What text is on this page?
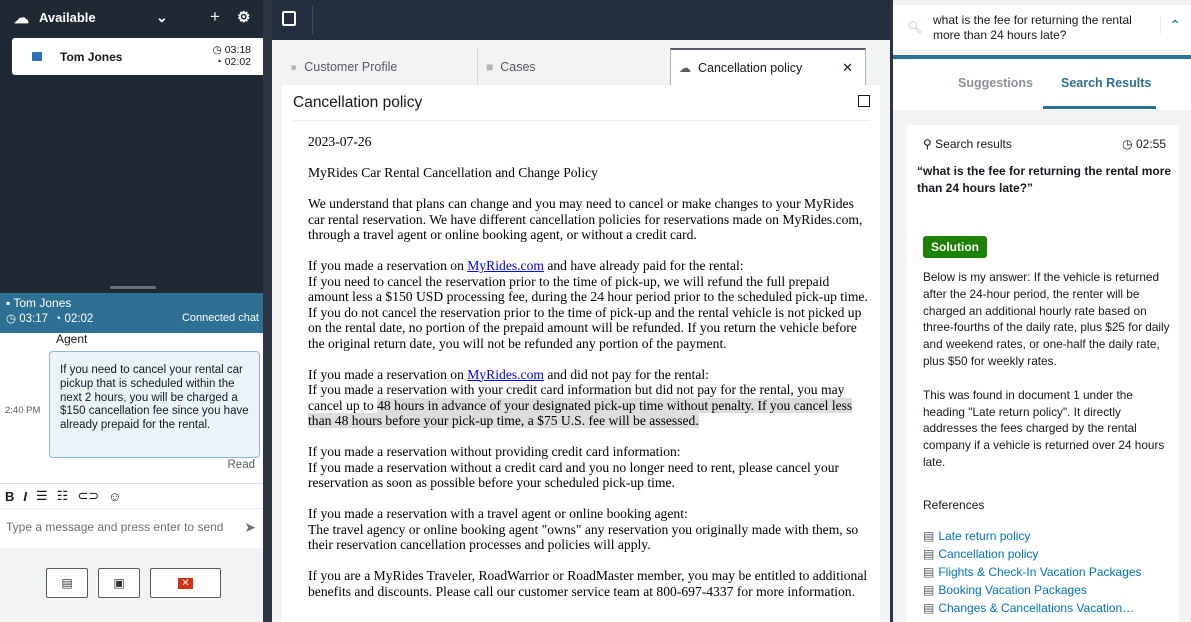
☁ Available	⌄ + ⚙
Tom Jones	◷ 03:18
◔ 02:02
▪ Tom Jones
◷ 03:17  ◔ 02:02	Connected chat
Agent
2:40 PM
If you need to cancel your rental car pickup that is scheduled within the next 2 hours, you will be charged a $150 cancellation fee since you have already prepaid for the rental.
Read
B I ☰ ☷ ⊂⊃ ☺
Type a message and press enter to send ➤
▤	▣	✕
● Customer Profile	■ Cases	☁ Cancellation policy	✕
Cancellation policy

2023-07-26

MyRides Car Rental Cancellation and Change Policy

We understand that plans can change and you may need to cancel or make changes to your MyRides car rental reservation. We have different cancellation policies for reservations made on MyRides.com, through a travel agent or online booking agent, or without a credit card.

If you made a reservation on MyRides.com and have already paid for the rental:
If you need to cancel the reservation prior to the time of pick-up, we will refund the full prepaid amount less a $150 USD processing fee, during the 24 hour period prior to the scheduled pick-up time. If you do not cancel the reservation prior to the time of pick-up and the rental vehicle is not picked up on the rental date, no portion of the prepaid amount will be refunded. If you return the vehicle before the original return date, you will not be refunded any portion of the payment.

If you made a reservation on MyRides.com and did not pay for the rental:
If you made a reservation with your credit card information but did not pay for the rental, you may cancel up to 48 hours in advance of your designated pick-up time without penalty. If you cancel less than 48 hours before your pick-up time, a $75 U.S. fee will be assessed.

If you made a reservation without providing credit card information:
If you made a reservation without a credit card and you no longer need to rent, please cancel your reservation as soon as possible before your scheduled pick-up time.

If you made a reservation with a travel agent or online booking agent:
The travel agency or online booking agent "owns" any reservation you originally made with them, so their reservation cancellation processes and policies will apply.

If you are a MyRides Traveler, RoadWarrior or RoadMaster member, you may be entitled to additional benefits and discounts. Please call our customer service team at 800-697-4337 for more information.

🔍︎ what is the fee for returning the rental more than 24 hours late?
⌃
Suggestions Search Results
⚲ Search results	◷ 02:55
“what is the fee for returning the rental more than 24 hours late?”
Solution

Below is my answer: If the vehicle is returned after the 24-hour period, the renter will be charged an additional hourly rate based on three-fourths of the daily rate, plus $25 for daily and weekend rates, or one-half the daily rate, plus $50 for weekly rates.

This was found in document 1 under the heading "Late return policy". It directly addresses the fees charged by the rental company if a vehicle is returned over 24 hours late.

References
▤ Late return policy
▤ Cancellation policy
▤ Flights & Check-In Vacation Packages
▤ Booking Vacation Packages
▤ Changes & Cancellations Vacation…
